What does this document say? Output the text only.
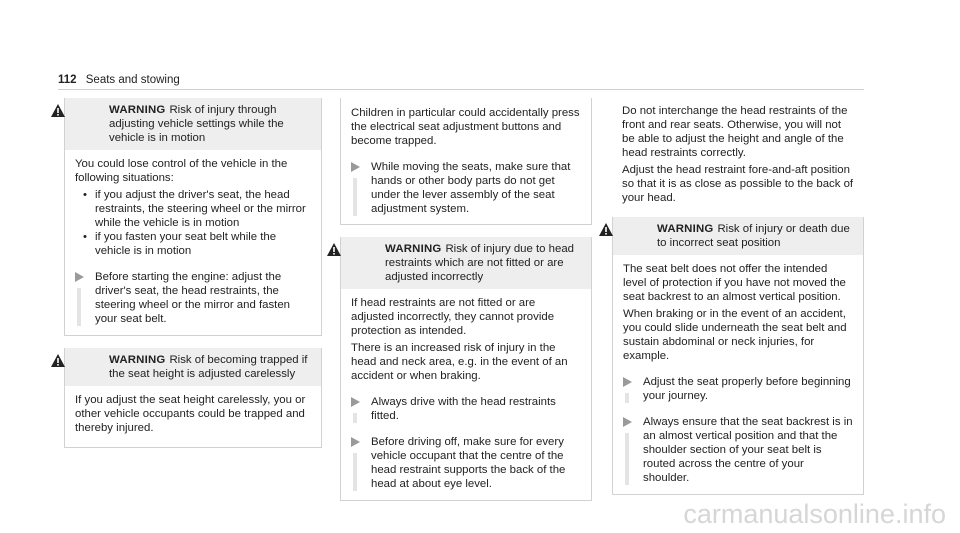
112 Seats and stowing
WARNING Risk of injury through adjusting vehicle settings while the vehicle is in motion

You could lose control of the vehicle in the following situations:

• if you adjust the driver's seat, the head restraints, the steering wheel or the mirror while the vehicle is in motion
• if you fasten your seat belt while the vehicle is in motion
Before starting the engine: adjust the driver's seat, the head restraints, the steering wheel or the mirror and fasten your seat belt.
WARNING Risk of becoming trapped if the seat height is adjusted carelessly

If you adjust the seat height carelessly, you or other vehicle occupants could be trapped and thereby injured.

Children in particular could accidentally press the electrical seat adjustment buttons and become trapped.

While moving the seats, make sure that hands or other body parts do not get under the lever assembly of the seat adjustment system.
WARNING Risk of injury due to head restraints which are not fitted or are adjusted incorrectly

If head restraints are not fitted or are adjusted incorrectly, they cannot provide protection as intended.

There is an increased risk of injury in the head and neck area, e.g. in the event of an accident or when braking.

Always drive with the head restraints fitted.
Before driving off, make sure for every vehicle occupant that the centre of the head restraint supports the back of the head at about eye level.

Do not interchange the head restraints of the front and rear seats. Otherwise, you will not be able to adjust the height and angle of the head restraints correctly.

Adjust the head restraint fore-and-aft position so that it is as close as possible to the back of your head.

WARNING Risk of injury or death due to incorrect seat position

The seat belt does not offer the intended level of protection if you have not moved the seat backrest to an almost vertical position.

When braking or in the event of an accident, you could slide underneath the seat belt and sustain abdominal or neck injuries, for example.

Adjust the seat properly before beginning your journey.
Always ensure that the seat backrest is in an almost vertical position and that the shoulder section of your seat belt is routed across the centre of your shoulder.
carmanualsonline.info
